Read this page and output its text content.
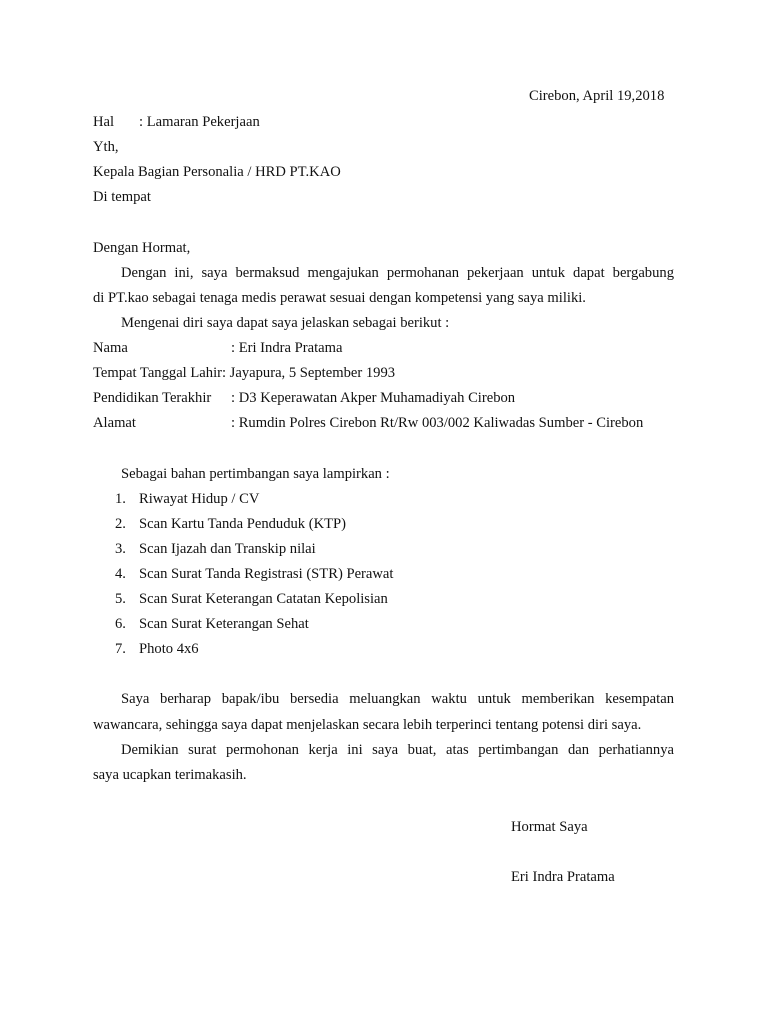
Cirebon, April 19,2018
Hal : Lamaran Pekerjaan
Yth,
Kepala Bagian Personalia / HRD PT.KAO
Di tempat
Dengan Hormat,
Dengan ini, saya bermaksud mengajukan permohanan pekerjaan untuk dapat bergabung
di PT.kao sebagai tenaga medis perawat sesuai dengan kompetensi yang saya miliki.
Mengenai diri saya dapat saya jelaskan sebagai berikut :
Nama	: Eri Indra Pratama
Tempat Tanggal Lahir: Jayapura, 5 September 1993
Pendidikan Terakhir : D3 Keperawatan Akper Muhamadiyah Cirebon
Alamat	: Rumdin Polres Cirebon Rt/Rw 003/002 Kaliwadas Sumber - Cirebon
Sebagai bahan pertimbangan saya lampirkan :
1. Riwayat Hidup / CV
2. Scan Kartu Tanda Penduduk (KTP)
3. Scan Ijazah dan Transkip nilai
4. Scan Surat Tanda Registrasi (STR) Perawat
5. Scan Surat Keterangan Catatan Kepolisian
6. Scan Surat Keterangan Sehat
7. Photo 4x6
Saya berharap bapak/ibu bersedia meluangkan waktu untuk memberikan kesempatan
wawancara, sehingga saya dapat menjelaskan secara lebih terperinci tentang potensi diri saya.
Demikian surat permohonan kerja ini saya buat, atas pertimbangan dan perhatiannya
saya ucapkan terimakasih.
Hormat Saya
Eri Indra Pratama
